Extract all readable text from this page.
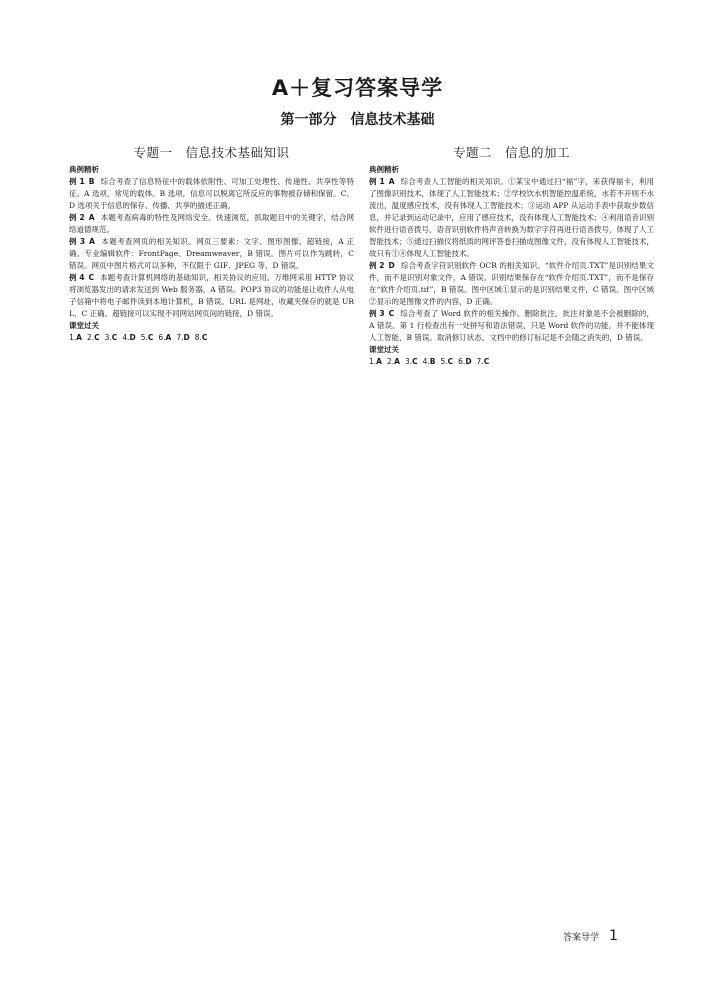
A＋复习答案导学
第一部分　信息技术基础
专题一　信息技术基础知识
典例精析

例 1 B 综合考查了信息特征中的载体依附性、可加工处理性、传递性、共享性等特征。A 选项，常见的载体。B 选项，信息可以脱离它所反应的事物被存储和保留。C、D 选项关于信息的保存、传播、共享的描述正确。

例 2 A 本题考查病毒的特性及网络安全。快速浏览，抓取题目中的关键字，结合网络道德规范。

例 3 A 本题考查网页的相关知识。网页三要素：文字、图形图像、超链接，A 正确。专业编辑软件：FrontPage、Dreamweaver，B 错误。图片可以作为跳转，C 错误。网页中图片格式可以多种，不仅限于 GIF、JPEG 等，D 错误。

例 4 C 本题考查计算机网络的基础知识，相关协议的应用。万维网采用 HTTP 协议将浏览器发出的请求发送到 Web 服务器，A 错误。POP3 协议的功能是让收件人从电子信箱中将电子邮件读到本地计算机，B 错误。URL 是网址，收藏夹保存的就是 URL，C 正确。超链接可以实现不同网站网页间的链接，D 错误。

课堂过关
1.A 2.C 3.C 4.D 5.C 6.A 7.D 8.C
专题二　信息的加工
典例精析

例 1 A 综合考查人工智能的相关知识。①某宝中通过扫“福”字，来获得福卡，利用了图像识别技术，体现了人工智能技术；②学校饮水机智能控温系统，水若不开则不水流出，温度感应技术，没有体现人工智能技术；③运动 APP 从运动手表中获取步数信息，并记录到运动记录中，应用了感应技术，没有体现人工智能技术；④利用语音识别软件进行语音拨号，语音识别软件将声音转换为数字字符再进行语音拨号，体现了人工智能技术；⑤通过扫描仪将纸质的网评答卷扫描成图像文件，没有体现人工智能技术，故只有①④体现人工智能技术。

例 2 D 综合考查字符识别软件 OCR 的相关知识。“软件介绍页.TXT”是识别结果文件，而不是识别对象文件，A 错误。识别结果保存在“软件介绍页.TXT”，而不是保存在“软件介绍页.tif”，B 错误。图中区域①显示的是识别结果文件，C 错误。图中区域②显示的是图像文件的内容，D 正确。

例 3 C 综合考查了 Word 软件的相关操作。删除批注，批注对象是不会被删除的，A 错误。第 1 行检查出有一处拼写和语法错误，只是 Word 软件的功能，并不能体现人工智能，B 错误。取消修订状态，文档中的修订标记是不会随之消失的，D 错误。

课堂过关
1.A 2.A 3.C 4.B 5.C 6.D 7.C
答案导学 1
